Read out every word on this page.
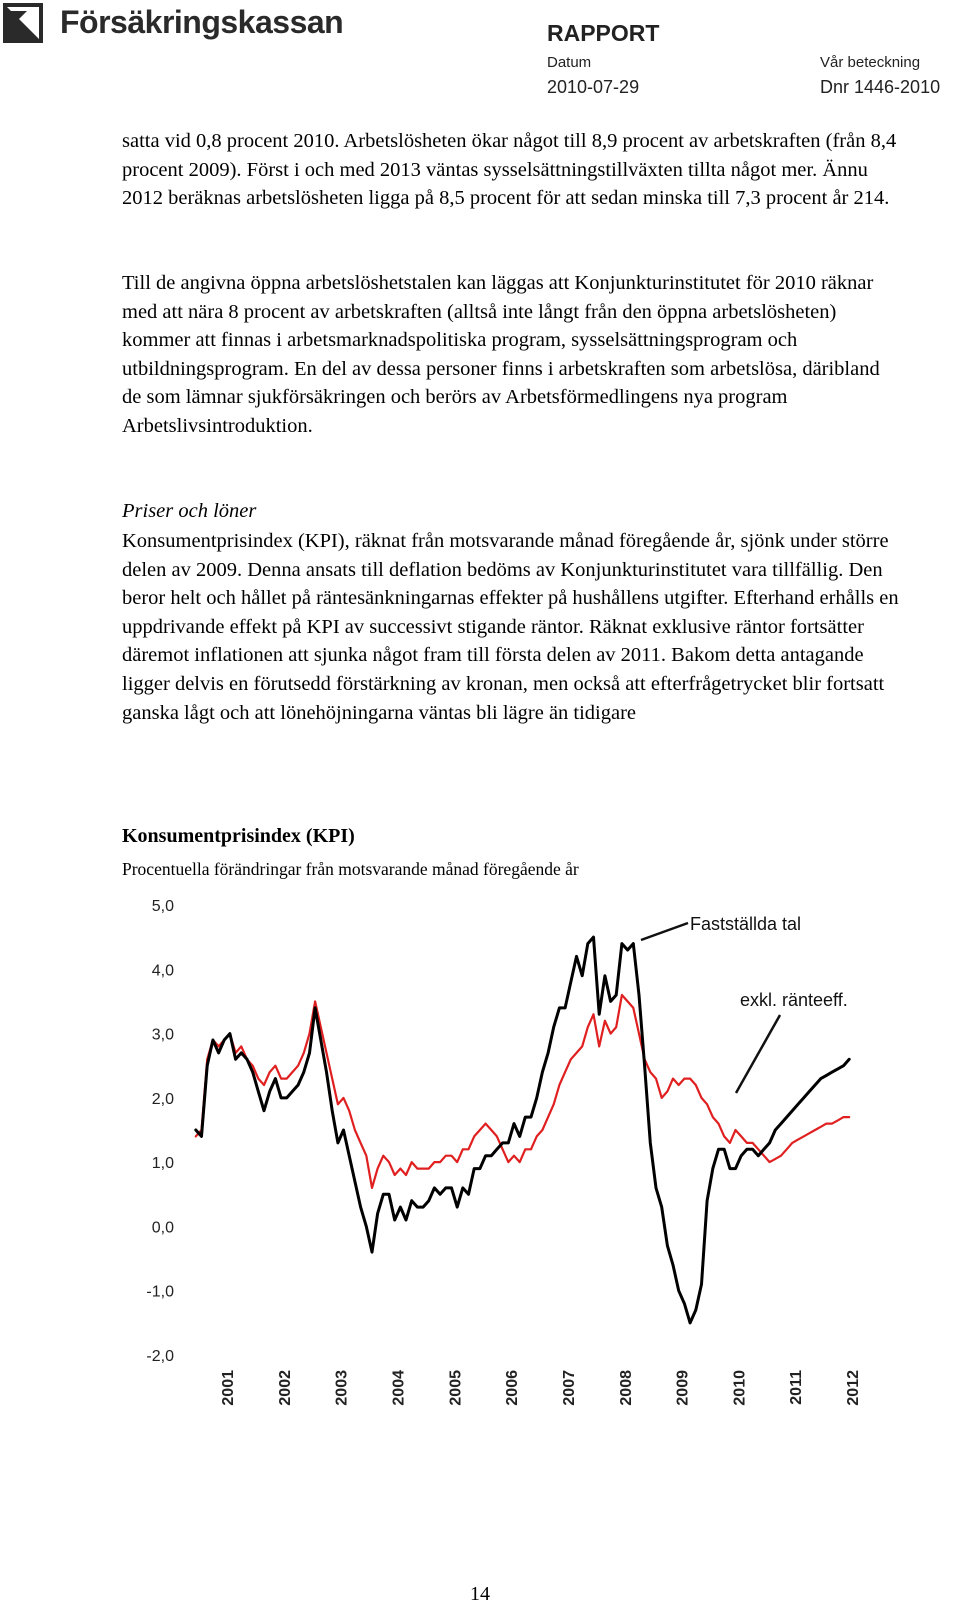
Försäkringskassan	RAPPORT
Datum
2010-07-29
Vår beteckning
Dnr 1446-2010
satta vid 0,8 procent 2010. Arbetslösheten ökar något till 8,9 procent av arbetskraften (från 8,4 procent 2009). Först i och med 2013 väntas sysselsättningstillväxten tillta något mer. Ännu 2012 beräknas arbetslösheten ligga på 8,5 procent för att sedan minska till 7,3 procent år 214.
Till de angivna öppna arbetslöshetstalen kan läggas att Konjunkturinstitutet för 2010 räknar med att nära 8 procent av arbetskraften (alltså inte långt från den öppna arbetslösheten) kommer att finnas i arbetsmarknadspolitiska program, sysselsättningsprogram och utbildningsprogram. En del av dessa personer finns i arbetskraften som arbetslösa, däribland de som lämnar sjukförsäkringen och berörs av Arbetsförmedlingens nya program Arbetslivsintroduktion.
Priser och löner
Konsumentprisindex (KPI), räknat från motsvarande månad föregående år, sjönk under större delen av 2009. Denna ansats till deflation bedöms av Konjunkturinstitutet vara tillfällig. Den beror helt och hållet på räntesänkningarnas effekter på hushållens utgifter. Efterhand erhålls en uppdrivande effekt på KPI av successivt stigande räntor. Räknat exklusive räntor fortsätter däremot inflationen att sjunka något fram till första delen av 2011. Bakom detta antagande ligger delvis en förutsedd förstärkning av kronan, men också att efterfrågetrycket blir fortsatt ganska lågt och att lönehöjningarna väntas bli lägre än tidigare
Konsumentprisindex (KPI)
Procentuella förändringar från motsvarande månad föregående år
5,0
4,0
3,0
2,0
1,0
0,0
-1,0
-2,0
2001 2002 2003 2004 2005 2006 2007 2008 2009 2010 2011 2012
Fastställda tal
exkl. ränteeff.
14
